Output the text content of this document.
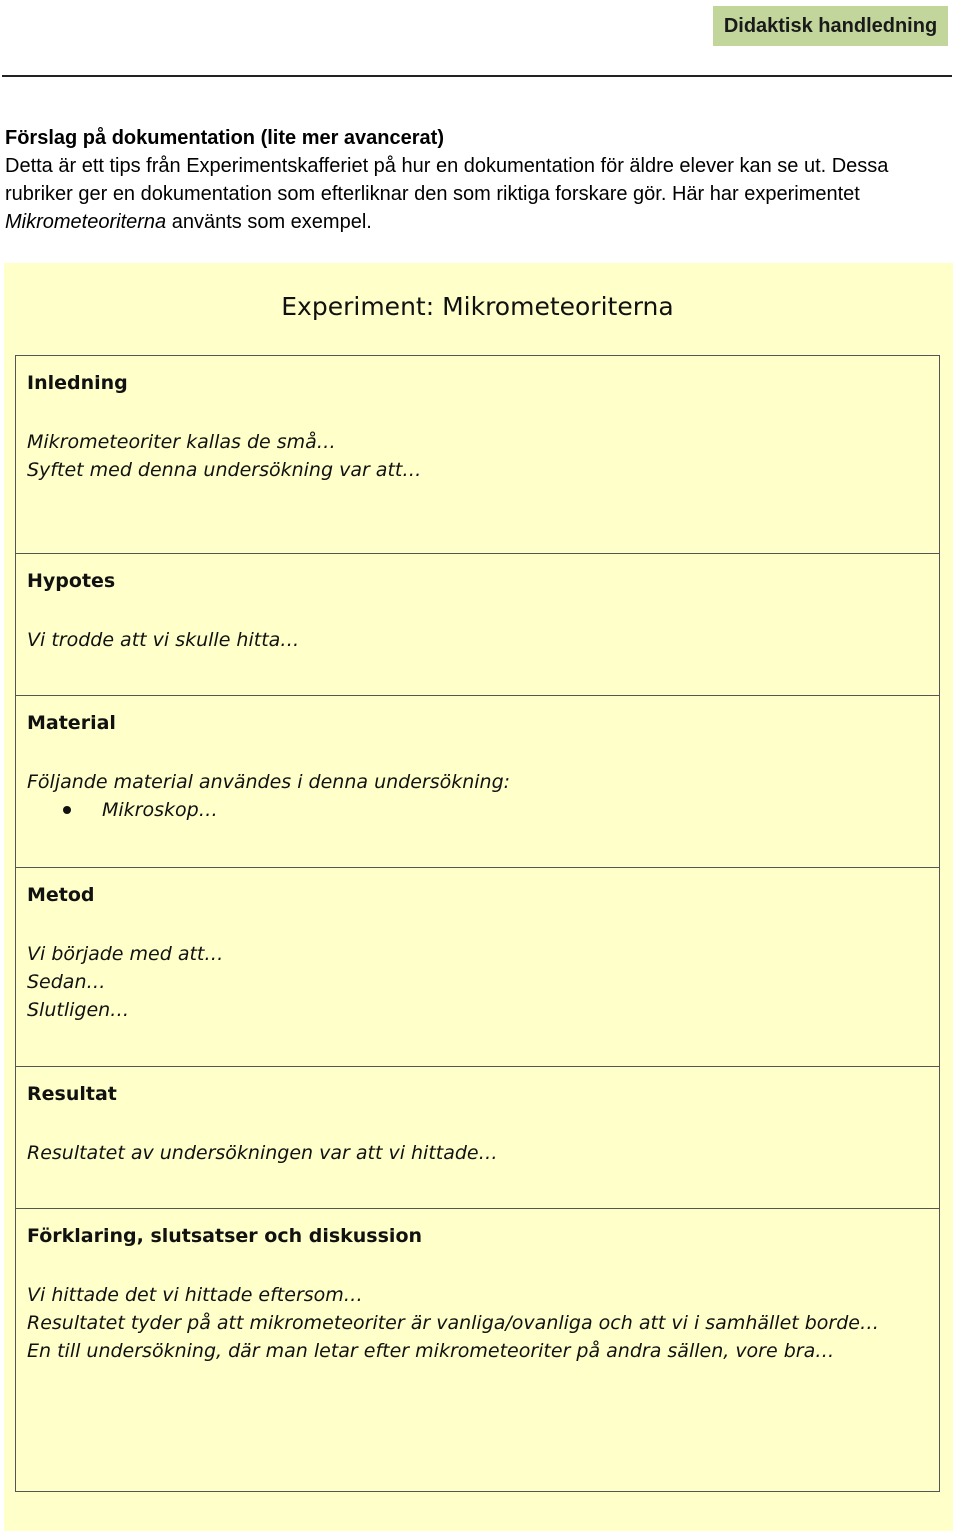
Didaktisk handledning

Förslag på dokumentation (lite mer avancerat)

Detta är ett tips från Experimentskafferiet på hur en dokumentation för äldre elever kan se ut. Dessa

rubriker ger en dokumentation som efterliknar den som riktiga forskare gör. Här har experimentet

Mikrometeoriterna använts som exempel.

Experiment: Mikrometeoriterna
Inledning
Mikrometeoriter kallas de små…
Syftet med denna undersökning var att…
Hypotes
Vi trodde att vi skulle hitta…
Material
Följande material användes i denna undersökning:
Mikroskop…
Metod
Vi började med att…
Sedan…
Slutligen…
Resultat
Resultatet av undersökningen var att vi hittade…
Förklaring, slutsatser och diskussion
Vi hittade det vi hittade eftersom…
Resultatet tyder på att mikrometeoriter är vanliga/ovanliga och att vi i samhället borde…
En till undersökning, där man letar efter mikrometeoriter på andra sällen, vore bra…
